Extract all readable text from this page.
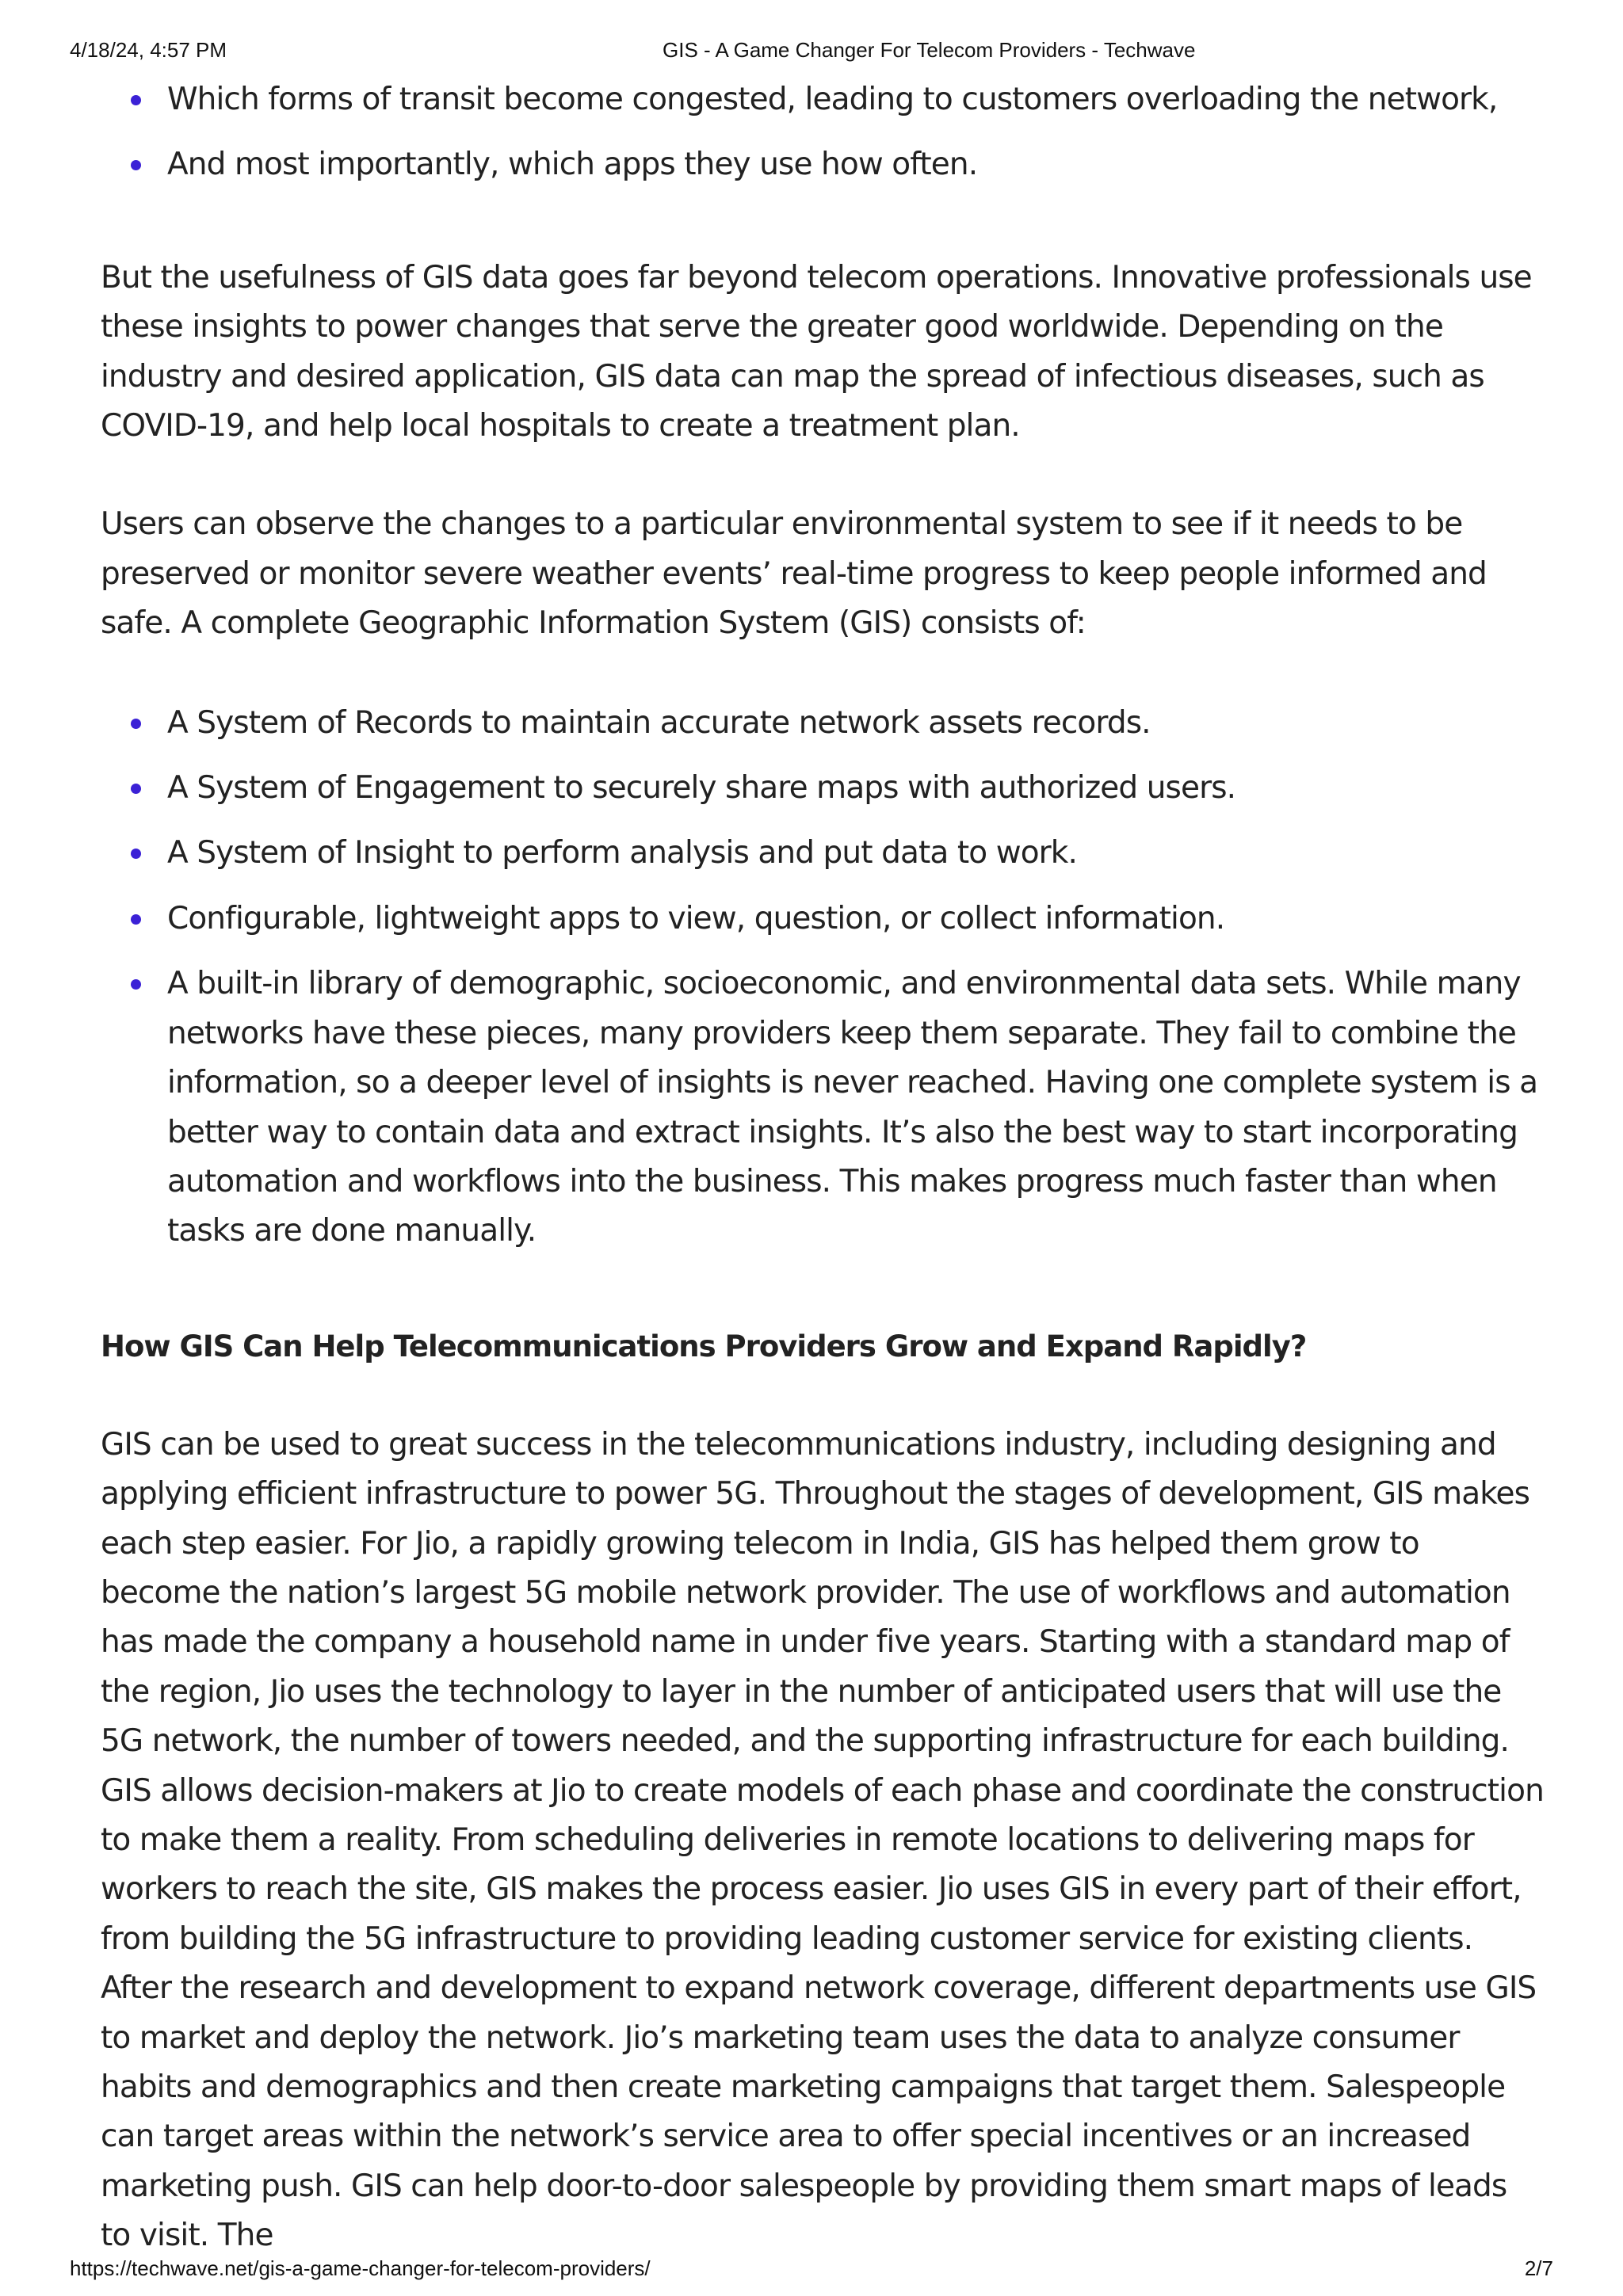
4/18/24, 4:57 PM	GIS - A Game Changer For Telecom Providers - Techwave
Which forms of transit become congested, leading to customers overloading the network,
And most importantly, which apps they use how often.

But the usefulness of GIS data goes far beyond telecom operations. Innovative professionals use these insights to power changes that serve the greater good worldwide. Depending on the industry and desired application, GIS data can map the spread of infectious diseases, such as COVID-19, and help local hospitals to create a treatment plan.

Users can observe the changes to a particular environmental system to see if it needs to be preserved or monitor severe weather events’ real-time progress to keep people informed and safe. A complete Geographic Information System (GIS) consists of:

A System of Records to maintain accurate network assets records.
A System of Engagement to securely share maps with authorized users.
A System of Insight to perform analysis and put data to work.
Configurable, lightweight apps to view, question, or collect information.
A built-in library of demographic, socioeconomic, and environmental data sets. While many networks have these pieces, many providers keep them separate. They fail to combine the information, so a deeper level of insights is never reached. Having one complete system is a better way to contain data and extract insights. It’s also the best way to start incorporating automation and workflows into the business. This makes progress much faster than when tasks are done manually.
How GIS Can Help Telecommunications Providers Grow and Expand Rapidly?

GIS can be used to great success in the telecommunications industry, including designing and applying efficient infrastructure to power 5G. Throughout the stages of development, GIS makes each step easier. For Jio, a rapidly growing telecom in India, GIS has helped them grow to become the nation’s largest 5G mobile network provider. The use of workflows and automation has made the company a household name in under five years. Starting with a standard map of the region, Jio uses the technology to layer in the number of anticipated users that will use the 5G network, the number of towers needed, and the supporting infrastructure for each building. GIS allows decision-makers at Jio to create models of each phase and coordinate the construction to make them a reality. From scheduling deliveries in remote locations to delivering maps for workers to reach the site, GIS makes the process easier. Jio uses GIS in every part of their effort, from building the 5G infrastructure to providing leading customer service for existing clients. After the research and development to expand network coverage, different departments use GIS to market and deploy the network. Jio’s marketing team uses the data to analyze consumer habits and demographics and then create marketing campaigns that target them. Salespeople can target areas within the network’s service area to offer special incentives or an increased marketing push. GIS can help door-to-door salespeople by providing them smart maps of leads to visit. The

https://techwave.net/gis-a-game-changer-for-telecom-providers/	2/7
